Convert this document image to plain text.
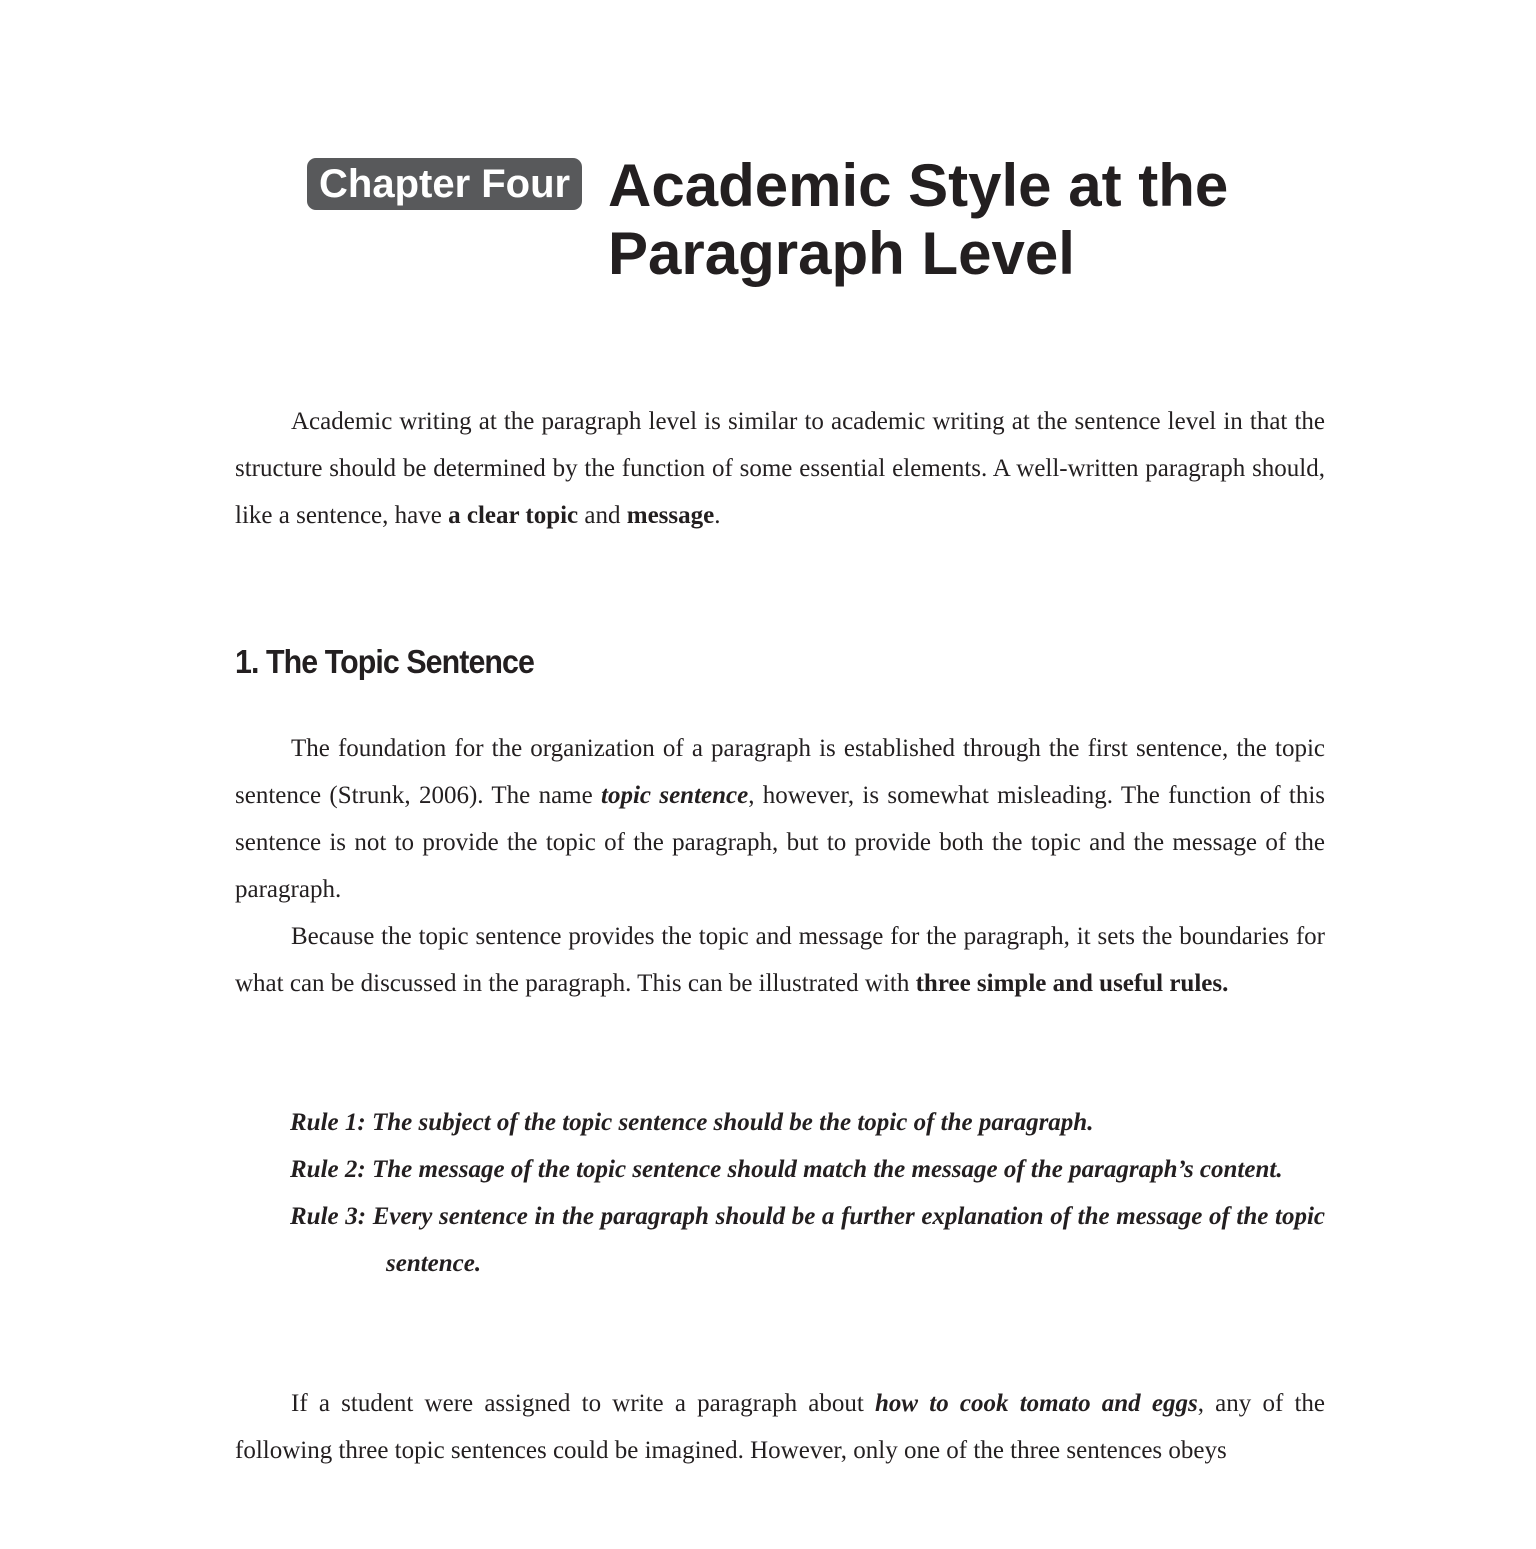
Chapter Four Academic Style at the
Paragraph Level

Academic writing at the paragraph level is similar to academic writing at the sentence level in that the structure should be determined by the function of some essential elements. A well-written paragraph should, like a sentence, have a clear topic and message.

1. The Topic Sentence

The foundation for the organization of a paragraph is established through the first sentence, the topic sentence (Strunk, 2006). The name topic sentence, however, is somewhat misleading. The function of this sentence is not to provide the topic of the paragraph, but to provide both the topic and the message of the paragraph.

Because the topic sentence provides the topic and message for the paragraph, it sets the boundaries for what can be discussed in the paragraph. This can be illustrated with three simple and useful rules.

Rule 1: The subject of the topic sentence should be the topic of the paragraph.
Rule 2: The message of the topic sentence should match the message of the paragraph’s content.
Rule 3: Every sentence in the paragraph should be a further explanation of the message of the topic sentence.

If a student were assigned to write a paragraph about how to cook tomato and eggs, any of the following three topic sentences could be imagined. However, only one of the three sentences obeys
